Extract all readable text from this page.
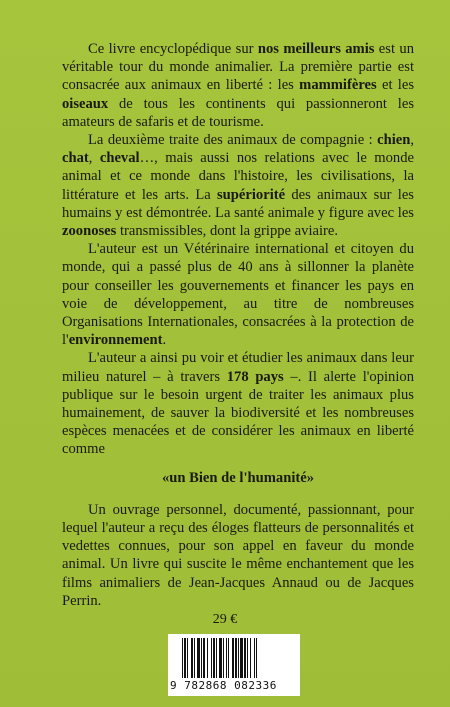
Ce livre encyclopédique sur nos meilleurs amis est un véritable tour du monde animalier. La première partie est consacrée aux animaux en liberté : les mammifères et les oiseaux de tous les continents qui passionneront les amateurs de safaris et de tourisme.

La deuxième traite des animaux de compagnie : chien, chat, cheval…, mais aussi nos relations avec le monde animal et ce monde dans l'histoire, les civilisations, la littérature et les arts. La supériorité des animaux sur les humains y est démontrée. La santé animale y figure avec les zoonoses transmissibles, dont la grippe aviaire.

L'auteur est un Vétérinaire international et citoyen du monde, qui a passé plus de 40 ans à sillonner la planète pour conseiller les gouvernements et financer les pays en voie de développement, au titre de nombreuses Organisations Internationales, consacrées à la protection de l'environnement.

L'auteur a ainsi pu voir et étudier les animaux dans leur milieu naturel – à travers 178 pays –. Il alerte l'opinion publique sur le besoin urgent de traiter les animaux plus humainement, de sauver la biodiversité et les nombreuses espèces menacées et de considérer les animaux en liberté comme

«un Bien de l'humanité»

Un ouvrage personnel, documenté, passionnant, pour lequel l'auteur a reçu des éloges flatteurs de personnalités et vedettes connues, pour son appel en faveur du monde animal. Un livre qui suscite le même enchantement que les films animaliers de Jean-Jacques Annaud ou de Jacques Perrin.

29 €
9 782868 082336
